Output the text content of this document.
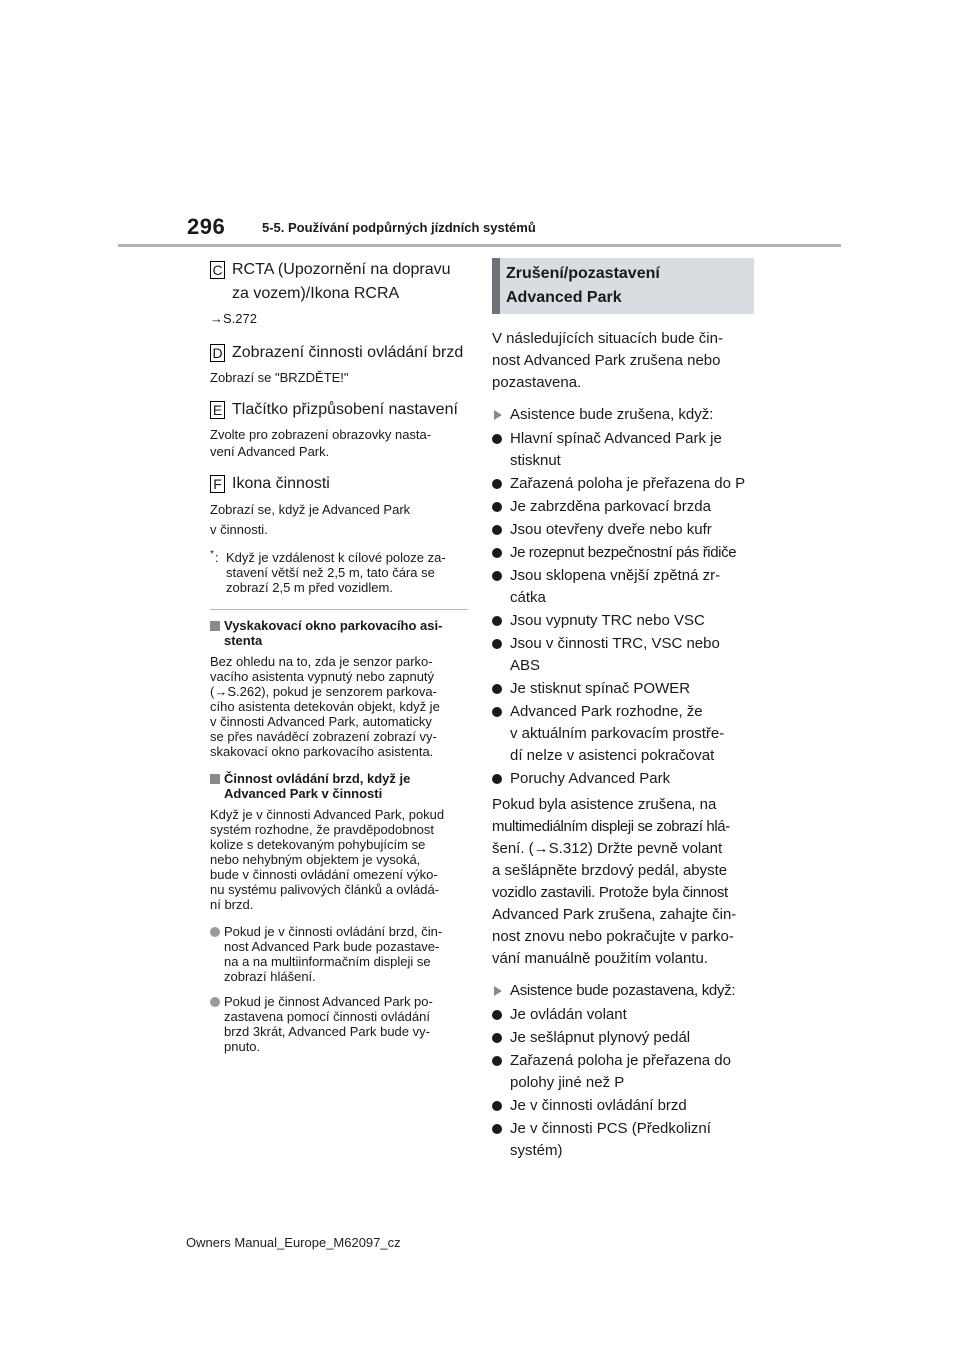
296	5-5. Používání podpůrných jízdních systémů
C RCTA (Upozornění na dopravu
za vozem)/Ikona RCRA
→S.272
D Zobrazení činnosti ovládání brzd
Zobrazí se "BRZDĚTE!"
E Tlačítko přizpůsobení nastavení
Zvolte pro zobrazení obrazovky nasta-
vení Advanced Park.
F Ikona činnosti
Zobrazí se, když je Advanced Park
v činnosti.
* : Když je vzdálenost k cílové poloze za-
stavení větší než 2,5 m, tato čára se
zobrazí 2,5 m před vozidlem.
Vyskakovací okno parkovacího asi-
stenta
Bez ohledu na to, zda je senzor parko-
vacího asistenta vypnutý nebo zapnutý
(→S.262), pokud je senzorem parkova-
cího asistenta detekován objekt, když je
v činnosti Advanced Park, automaticky
se přes naváděcí zobrazení zobrazí vy-
skakovací okno parkovacího asistenta.
Činnost ovládání brzd, když je
Advanced Park v činnosti
Když je v činnosti Advanced Park, pokud
systém rozhodne, že pravděpodobnost
kolize s detekovaným pohybujícím se
nebo nehybným objektem je vysoká,
bude v činnosti ovládání omezení výko-
nu systému palivových článků a ovládá-
ní brzd.
Pokud je v činnosti ovládání brzd, čin-
nost Advanced Park bude pozastave-
na a na multiinformačním displeji se
zobrazí hlášení.
Pokud je činnost Advanced Park po-
zastavena pomocí činnosti ovládání
brzd 3krát, Advanced Park bude vy-
pnuto.
Zrušení/pozastavení
Advanced Park
V následujících situacích bude čin-
nost Advanced Park zrušena nebo
pozastavena.
Asistence bude zrušena, když:
Hlavní spínač Advanced Park je
stisknut
Zařazená poloha je přeřazena do P
Je zabrzděna parkovací brzda
Jsou otevřeny dveře nebo kufr
Je rozepnut bezpečnostní pás řidiče
Jsou sklopena vnější zpětná zr-
cátka
Jsou vypnuty TRC nebo VSC
Jsou v činnosti TRC, VSC nebo
ABS
Je stisknut spínač POWER
Advanced Park rozhodne, že
v aktuálním parkovacím prostře-
dí nelze v asistenci pokračovat
Poruchy Advanced Park
Pokud byla asistence zrušena, na
multimediálním displeji se zobrazí hlá-
šení. (→S.312) Držte pevně volant
a sešlápněte brzdový pedál, abyste
vozidlo zastavili. Protože byla činnost
Advanced Park zrušena, zahajte čin-
nost znovu nebo pokračujte v parko-
vání manuálně použitím volantu.
Asistence bude pozastavena, když:
Je ovládán volant
Je sešlápnut plynový pedál
Zařazená poloha je přeřazena do
polohy jiné než P
Je v činnosti ovládání brzd
Je v činnosti PCS (Předkolizní
systém)
Owners Manual_Europe_M62097_cz
